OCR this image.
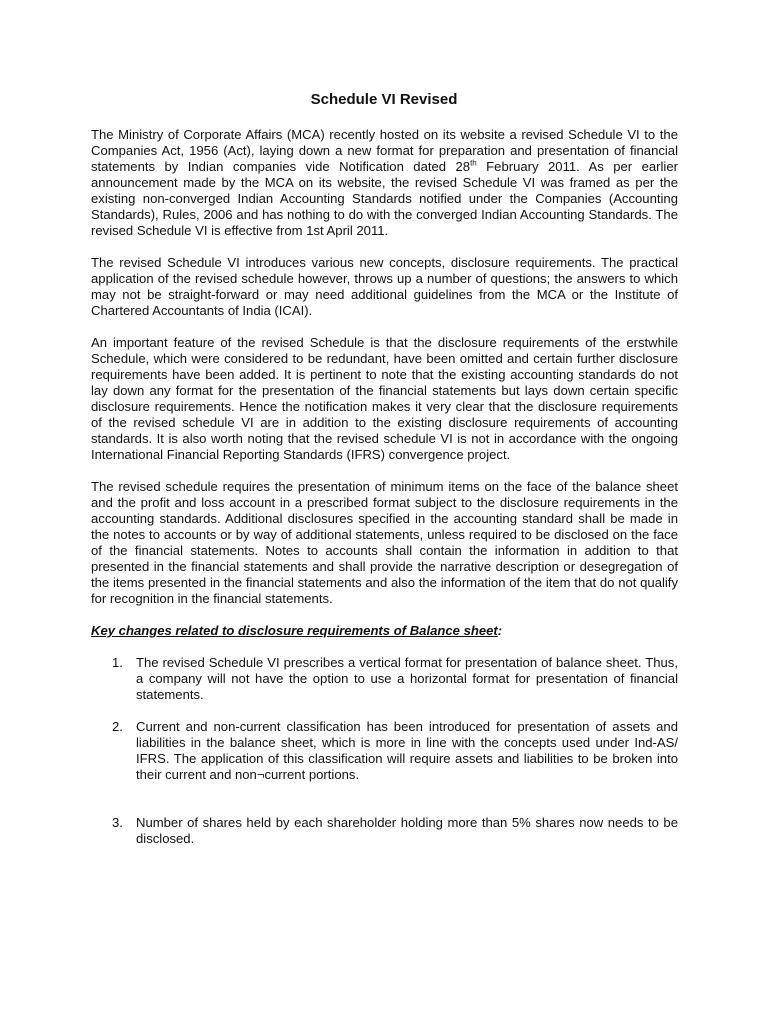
Schedule VI Revised

The Ministry of Corporate Affairs (MCA) recently hosted on its website a revised Schedule VI to the Companies Act, 1956 (Act), laying down a new format for preparation and presentation of financial statements by Indian companies vide Notification dated 28th February 2011. As per earlier announcement made by the MCA on its website, the revised Schedule VI was framed as per the existing non-converged Indian Accounting Standards notified under the Companies (Accounting Standards), Rules, 2006 and has nothing to do with the converged Indian Accounting Standards. The revised Schedule VI is effective from 1st April 2011.

The revised Schedule VI introduces various new concepts, disclosure requirements. The practical application of the revised schedule however, throws up a number of questions; the answers to which may not be straight-forward or may need additional guidelines from the MCA or the Institute of Chartered Accountants of India (ICAI).

An important feature of the revised Schedule is that the disclosure requirements of the erstwhile Schedule, which were considered to be redundant, have been omitted and certain further disclosure requirements have been added. It is pertinent to note that the existing accounting standards do not lay down any format for the presentation of the financial statements but lays down certain specific disclosure requirements. Hence the notification makes it very clear that the disclosure requirements of the revised schedule VI are in addition to the existing disclosure requirements of accounting standards. It is also worth noting that the revised schedule VI is not in accordance with the ongoing International Financial Reporting Standards (IFRS) convergence project.

The revised schedule requires the presentation of minimum items on the face of the balance sheet and the profit and loss account in a prescribed format subject to the disclosure requirements in the accounting standards. Additional disclosures specified in the accounting standard shall be made in the notes to accounts or by way of additional statements, unless required to be disclosed on the face of the financial statements. Notes to accounts shall contain the information in addition to that presented in the financial statements and shall provide the narrative description or desegregation of the items presented in the financial statements and also the information of the item that do not qualify for recognition in the financial statements.

Key changes related to disclosure requirements of Balance sheet:

1. The revised Schedule VI prescribes a vertical format for presentation of balance sheet. Thus, a company will not have the option to use a horizontal format for presentation of financial statements.
2. Current and non-current classification has been introduced for presentation of assets and liabilities in the balance sheet, which is more in line with the concepts used under Ind-AS/ IFRS. The application of this classification will require assets and liabilities to be broken into their current and non¬current portions.
3. Number of shares held by each shareholder holding more than 5% shares now needs to be disclosed.
